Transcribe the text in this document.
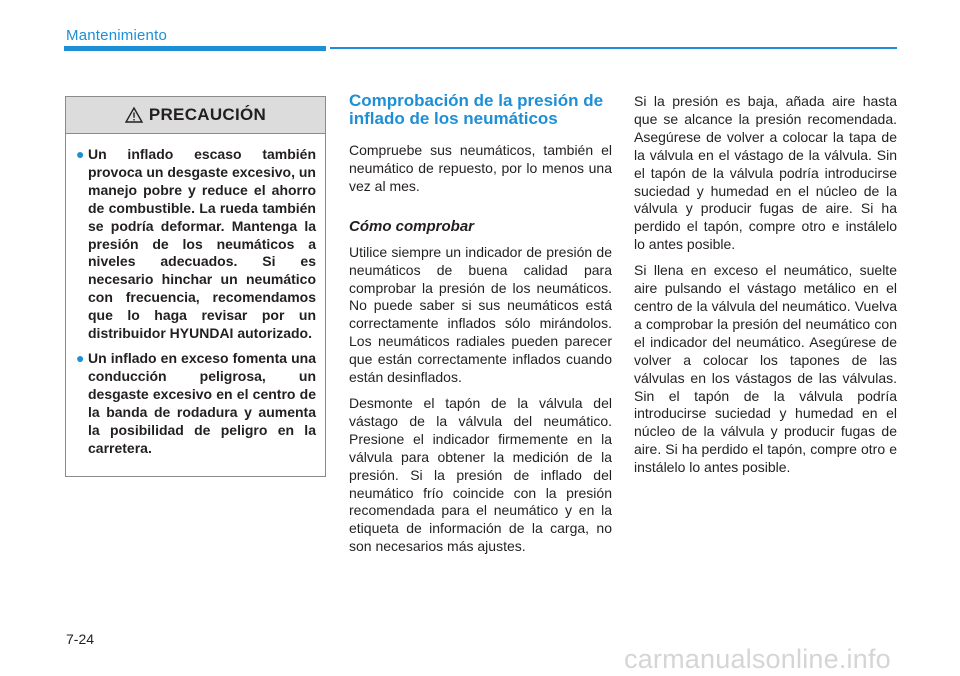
Mantenimiento
PRECAUCIÓN
● Un inflado escaso también provoca un desgaste excesivo, un manejo pobre y reduce el ahorro de combustible. La rueda también se podría deformar. Mantenga la presión de los neumáticos a niveles adecuados. Si es necesario hinchar un neumático con frecuencia, recomendamos que lo haga revisar por un distribuidor HYUNDAI autorizado.
● Un inflado en exceso fomenta una conducción peligrosa, un desgaste excesivo en el centro de la banda de rodadura y aumenta la posibilidad de peligro en la carretera.
Comprobación de la presión de inflado de los neumáticos

Compruebe sus neumáticos, también el neumático de repuesto, por lo menos una vez al mes.

Cómo comprobar

Utilice siempre un indicador de presión de neumáticos de buena calidad para comprobar la presión de los neumáticos. No puede saber si sus neumáticos está correctamente inflados sólo mirándolos. Los neumáticos radiales pueden parecer que están correctamente inflados cuando están desinflados.

Desmonte el tapón de la válvula del vástago de la válvula del neumático. Presione el indicador firmemente en la válvula para obtener la medición de la presión. Si la presión de inflado del neumático frío coincide con la presión recomendada para el neumático y en la etiqueta de información de la carga, no son necesarios más ajustes.

Si la presión es baja, añada aire hasta que se alcance la presión recomendada. Asegúrese de volver a colocar la tapa de la válvula en el vástago de la válvula. Sin el tapón de la válvula podría introducirse suciedad y humedad en el núcleo de la válvula y producir fugas de aire. Si ha perdido el tapón, compre otro e instálelo lo antes posible.

Si llena en exceso el neumático, suelte aire pulsando el vástago metálico en el centro de la válvula del neumático. Vuelva a comprobar la presión del neumático con el indicador del neumático. Asegúrese de volver a colocar los tapones de las válvulas en los vástagos de las válvulas. Sin el tapón de la válvula podría introducirse suciedad y humedad en el núcleo de la válvula y producir fugas de aire. Si ha perdido el tapón, compre otro e instálelo lo antes posible.

7-24
carmanualsonline.info
